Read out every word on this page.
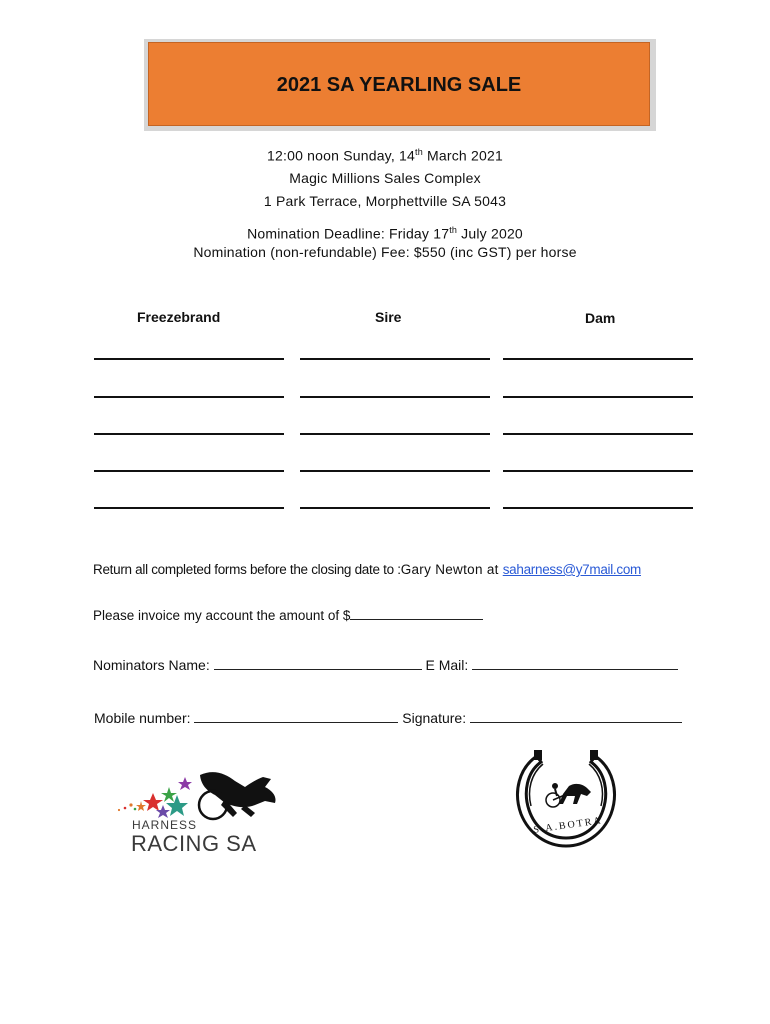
2021 SA YEARLING SALE
12:00 noon Sunday, 14th March 2021
Magic Millions Sales Complex
1 Park Terrace, Morphettville SA 5043
Nomination Deadline: Friday 17th July 2020
Nomination (non-refundable) Fee: $550 (inc GST) per horse
Freezebrand	Sire	Dam
Return all completed forms before the closing date to :Gary Newton at saharness@y7mail.com
Please invoice my account the amount of $
Nominators Name:	E Mail:
Mobile number:	Signature:
HARNESS
RACING SA
S.A.BOTRA
